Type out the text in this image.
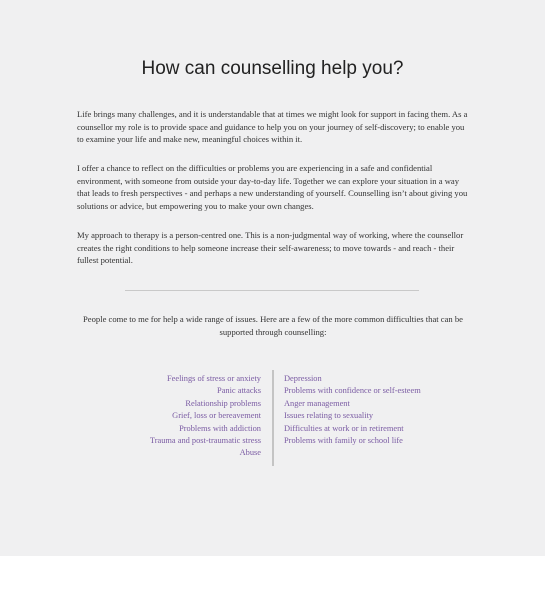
How can counselling help you?

Life brings many challenges, and it is understandable that at times we might look for support in facing them. As a counsellor my role is to provide space and guidance to help you on your journey of self-discovery; to enable you to examine your life and make new, meaningful choices within it.

I offer a chance to reflect on the difficulties or problems you are experiencing in a safe and confidential environment, with someone from outside your day-to-day life. Together we can explore your situation in a way that leads to fresh perspectives - and perhaps a new understanding of yourself. Counselling isn’t about giving you solutions or advice, but empowering you to make your own changes.

My approach to therapy is a person-centred one. This is a non-judgmental way of working, where the counsellor creates the right conditions to help someone increase their self-awareness; to move towards - and reach - their fullest potential.

People come to me for help a wide range of issues. Here are a few of the more common difficulties that can be supported through counselling:

Feelings of stress or anxiety
Panic attacks
Relationship problems
Grief, loss or bereavement
Problems with addiction
Trauma and post-traumatic stress
Abuse
Depression
Problems with confidence or self-esteem
Anger management
Issues relating to sexuality
Difficulties at work or in retirement
Problems with family or school life
